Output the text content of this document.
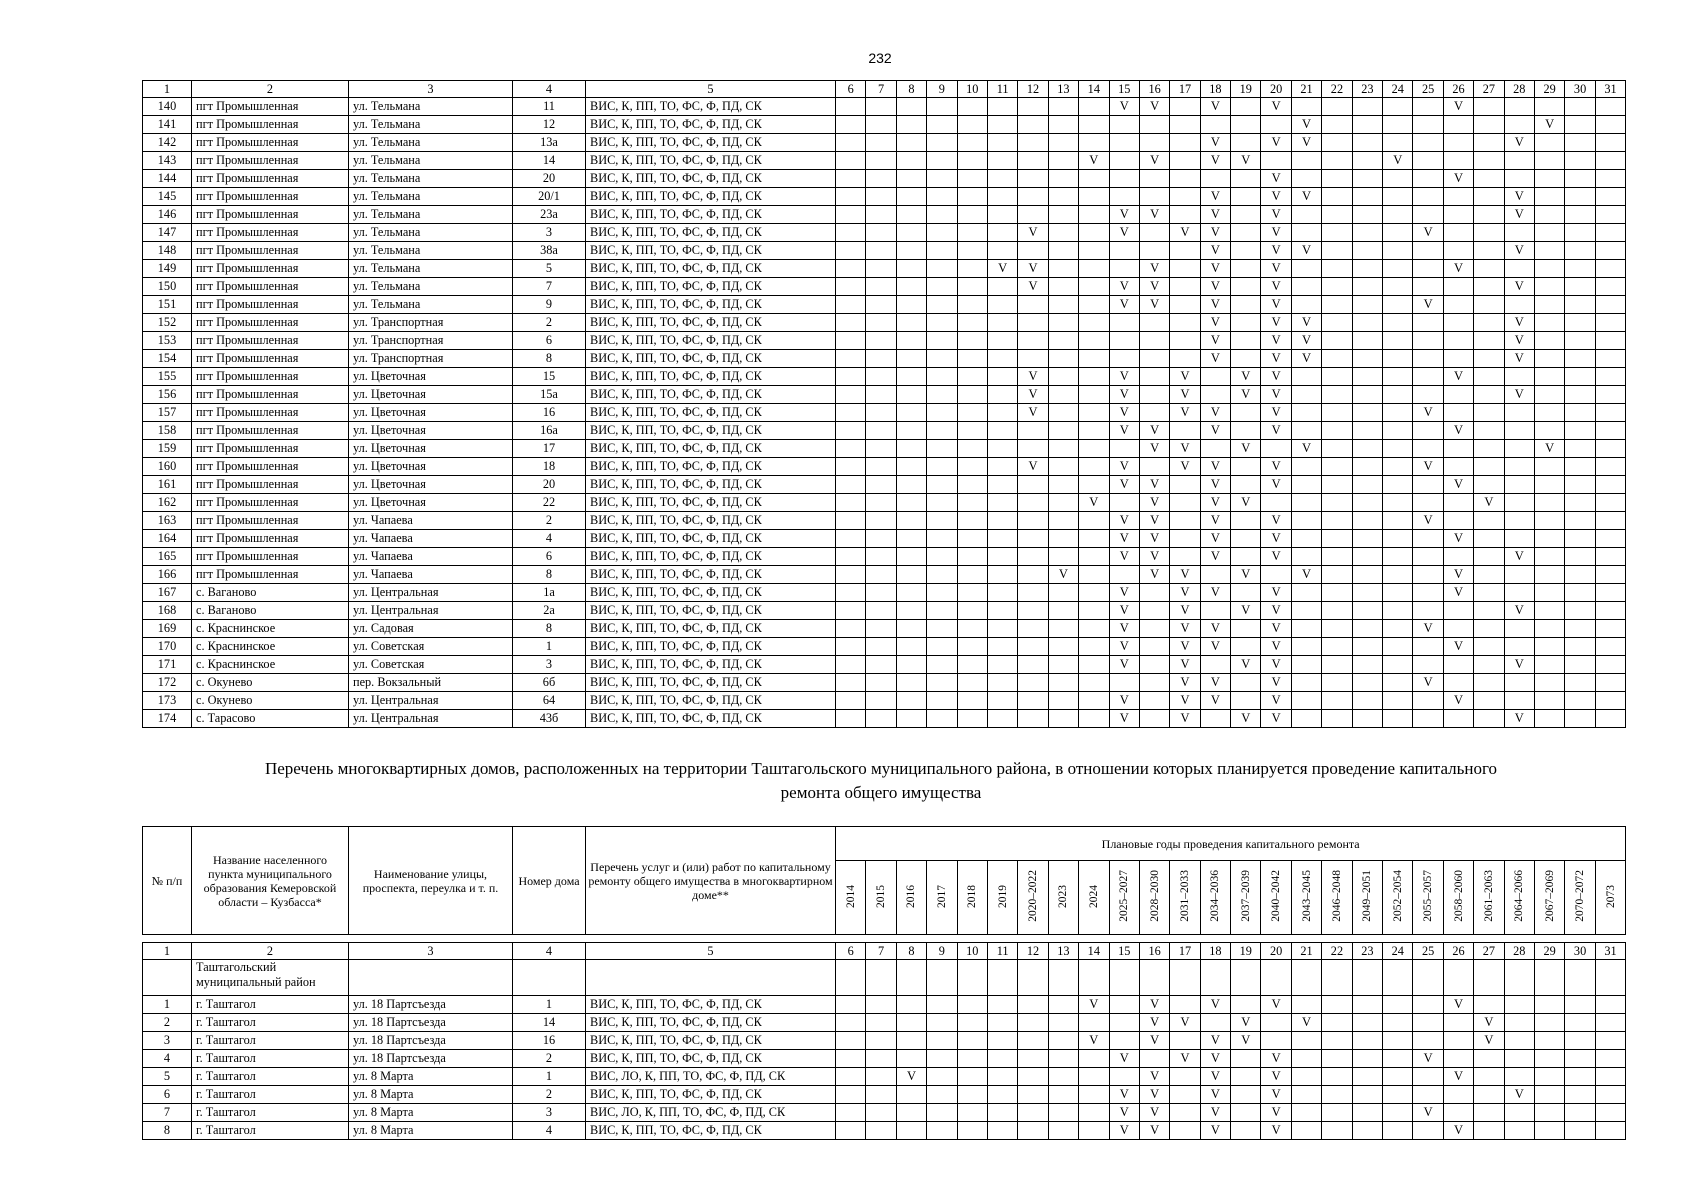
232
1	2	3	4	5	6	7	8	9	10	11	12	13	14	15	16	17	18	19	20	21	22	23	24	25	26	27	28	29	30	31
140	пгт Промышленная	ул. Тельмана	11	ВИС, К, ПП, ТО, ФС, Ф, ПД, СК										V	V		V		V						V					
141	пгт Промышленная	ул. Тельмана	12	ВИС, К, ПП, ТО, ФС, Ф, ПД, СК																V								V		
142	пгт Промышленная	ул. Тельмана	13а	ВИС, К, ПП, ТО, ФС, Ф, ПД, СК													V		V	V							V			
143	пгт Промышленная	ул. Тельмана	14	ВИС, К, ПП, ТО, ФС, Ф, ПД, СК									V		V		V	V					V							
144	пгт Промышленная	ул. Тельмана	20	ВИС, К, ПП, ТО, ФС, Ф, ПД, СК															V						V					
145	пгт Промышленная	ул. Тельмана	20/1	ВИС, К, ПП, ТО, ФС, Ф, ПД, СК													V		V	V							V			
146	пгт Промышленная	ул. Тельмана	23а	ВИС, К, ПП, ТО, ФС, Ф, ПД, СК										V	V		V		V								V			
147	пгт Промышленная	ул. Тельмана	3	ВИС, К, ПП, ТО, ФС, Ф, ПД, СК							V			V		V	V		V					V						
148	пгт Промышленная	ул. Тельмана	38а	ВИС, К, ПП, ТО, ФС, Ф, ПД, СК													V		V	V							V			
149	пгт Промышленная	ул. Тельмана	5	ВИС, К, ПП, ТО, ФС, Ф, ПД, СК						V	V				V		V		V						V					
150	пгт Промышленная	ул. Тельмана	7	ВИС, К, ПП, ТО, ФС, Ф, ПД, СК							V			V	V		V		V								V			
151	пгт Промышленная	ул. Тельмана	9	ВИС, К, ПП, ТО, ФС, Ф, ПД, СК										V	V		V		V					V						
152	пгт Промышленная	ул. Транспортная	2	ВИС, К, ПП, ТО, ФС, Ф, ПД, СК													V		V	V							V			
153	пгт Промышленная	ул. Транспортная	6	ВИС, К, ПП, ТО, ФС, Ф, ПД, СК													V		V	V							V			
154	пгт Промышленная	ул. Транспортная	8	ВИС, К, ПП, ТО, ФС, Ф, ПД, СК													V		V	V							V			
155	пгт Промышленная	ул. Цветочная	15	ВИС, К, ПП, ТО, ФС, Ф, ПД, СК							V			V		V		V	V						V					
156	пгт Промышленная	ул. Цветочная	15а	ВИС, К, ПП, ТО, ФС, Ф, ПД, СК							V			V		V		V	V								V			
157	пгт Промышленная	ул. Цветочная	16	ВИС, К, ПП, ТО, ФС, Ф, ПД, СК							V			V		V	V		V					V						
158	пгт Промышленная	ул. Цветочная	16а	ВИС, К, ПП, ТО, ФС, Ф, ПД, СК										V	V		V		V						V					
159	пгт Промышленная	ул. Цветочная	17	ВИС, К, ПП, ТО, ФС, Ф, ПД, СК											V	V		V		V								V		
160	пгт Промышленная	ул. Цветочная	18	ВИС, К, ПП, ТО, ФС, Ф, ПД, СК							V			V		V	V		V					V						
161	пгт Промышленная	ул. Цветочная	20	ВИС, К, ПП, ТО, ФС, Ф, ПД, СК										V	V		V		V						V					
162	пгт Промышленная	ул. Цветочная	22	ВИС, К, ПП, ТО, ФС, Ф, ПД, СК									V		V		V	V								V				
163	пгт Промышленная	ул. Чапаева	2	ВИС, К, ПП, ТО, ФС, Ф, ПД, СК										V	V		V		V					V						
164	пгт Промышленная	ул. Чапаева	4	ВИС, К, ПП, ТО, ФС, Ф, ПД, СК										V	V		V		V						V					
165	пгт Промышленная	ул. Чапаева	6	ВИС, К, ПП, ТО, ФС, Ф, ПД, СК										V	V		V		V								V			
166	пгт Промышленная	ул. Чапаева	8	ВИС, К, ПП, ТО, ФС, Ф, ПД, СК								V			V	V		V		V					V					
167	с. Ваганово	ул. Центральная	1а	ВИС, К, ПП, ТО, ФС, Ф, ПД, СК										V		V	V		V						V					
168	с. Ваганово	ул. Центральная	2а	ВИС, К, ПП, ТО, ФС, Ф, ПД, СК										V		V		V	V								V			
169	с. Краснинское	ул. Садовая	8	ВИС, К, ПП, ТО, ФС, Ф, ПД, СК										V		V	V		V					V						
170	с. Краснинское	ул. Советская	1	ВИС, К, ПП, ТО, ФС, Ф, ПД, СК										V		V	V		V						V					
171	с. Краснинское	ул. Советская	3	ВИС, К, ПП, ТО, ФС, Ф, ПД, СК										V		V		V	V								V			
172	с. Окунево	пер. Вокзальный	6б	ВИС, К, ПП, ТО, ФС, Ф, ПД, СК												V	V		V					V						
173	с. Окунево	ул. Центральная	64	ВИС, К, ПП, ТО, ФС, Ф, ПД, СК										V		V	V		V						V					
174	с. Тарасово	ул. Центральная	43б	ВИС, К, ПП, ТО, ФС, Ф, ПД, СК										V		V		V	V								V			
Перечень многоквартирных домов, расположенных на территории Таштагольского муниципального района, в отношении которых планируется проведение капитального
ремонта общего имущества
№ п/п	Название населенного пункта муниципального образования Кемеровской области – Кузбасса*	Наименование улицы, проспекта, переулка и т. п.	Номер дома	Перечень услуг и (или) работ по капитальному ремонту общего имущества в многоквартирном доме**	Плановые годы проведения капитального ремонта																									
					2014	2015	2016	2017	2018	2019	2020–2022	2023	2024	2025–2027	2028–2030	2031–2033	2034–2036	2037–2039	2040–2042	2043–2045	2046–2048	2049–2051	2052–2054	2055–2057	2058–2060	2061–2063	2064–2066	2067–2069	2070–2072	2073
1	2	3	4	5	6	7	8	9	10	11	12	13	14	15	16	17	18	19	20	21	22	23	24	25	26	27	28	29	30	31
	Таштагольский муниципальный район																													
1	г. Таштагол	ул. 18 Партсъезда	1	ВИС, К, ПП, ТО, ФС, Ф, ПД, СК									V		V		V		V						V					
2	г. Таштагол	ул. 18 Партсъезда	14	ВИС, К, ПП, ТО, ФС, Ф, ПД, СК											V	V		V		V						V				
3	г. Таштагол	ул. 18 Партсъезда	16	ВИС, К, ПП, ТО, ФС, Ф, ПД, СК									V		V		V	V								V				
4	г. Таштагол	ул. 18 Партсъезда	2	ВИС, К, ПП, ТО, ФС, Ф, ПД, СК										V		V	V		V					V						
5	г. Таштагол	ул. 8 Марта	1	ВИС, ЛО, К, ПП, ТО, ФС, Ф, ПД, СК			V								V		V		V						V					
6	г. Таштагол	ул. 8 Марта	2	ВИС, К, ПП, ТО, ФС, Ф, ПД, СК										V	V		V		V								V			
7	г. Таштагол	ул. 8 Марта	3	ВИС, ЛО, К, ПП, ТО, ФС, Ф, ПД, СК										V	V		V		V					V						
8	г. Таштагол	ул. 8 Марта	4	ВИС, К, ПП, ТО, ФС, Ф, ПД, СК										V	V		V		V						V					
